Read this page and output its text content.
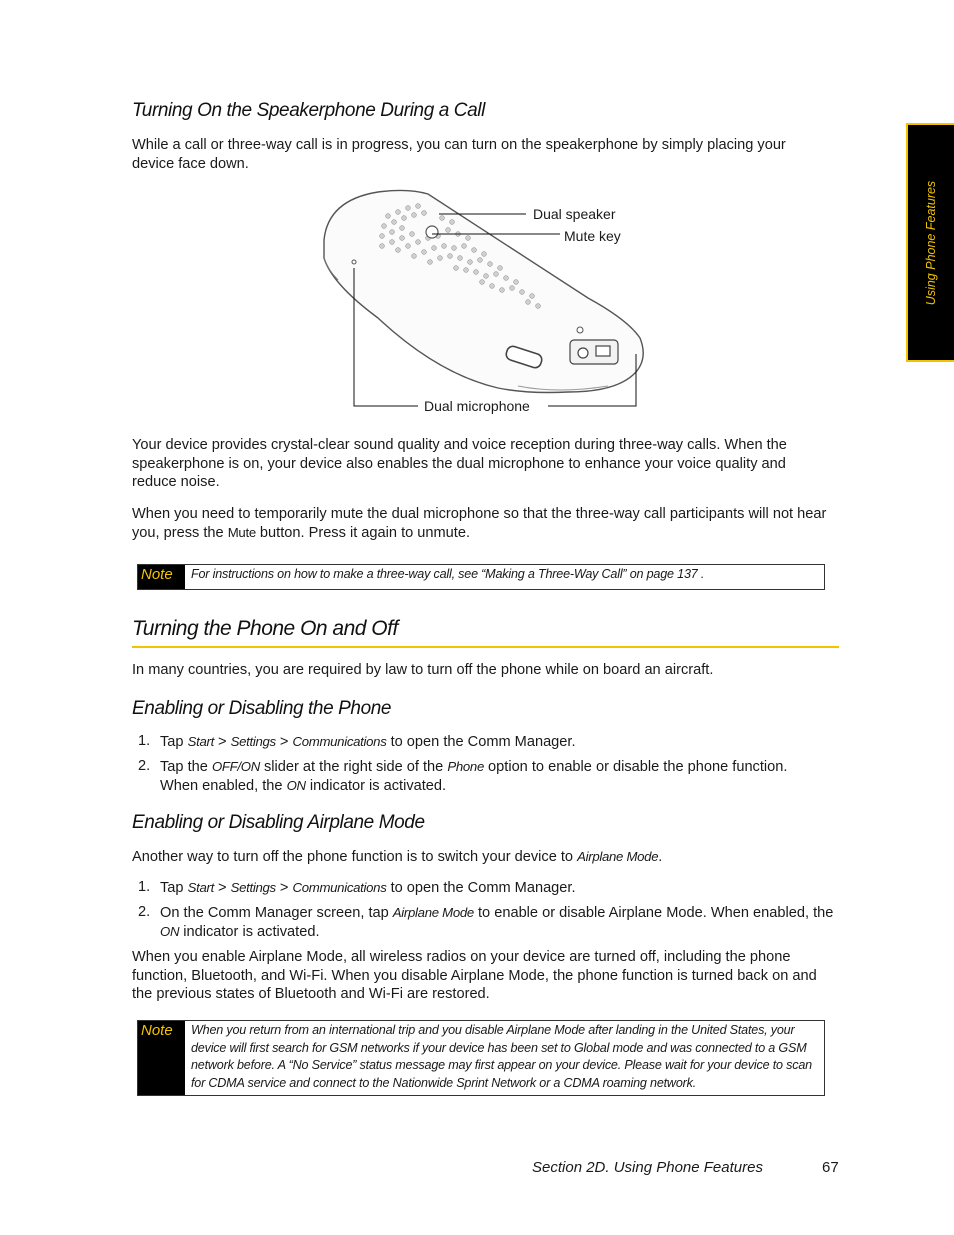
Using Phone Features
Turning On the Speakerphone During a Call
While a call or three-way call is in progress, you can turn on the speakerphone by simply placing your device face down.
Dual speaker
Mute key
Dual microphone
Your device provides crystal-clear sound quality and voice reception during three-way calls. When the speakerphone is on, your device also enables the dual microphone to enhance your voice quality and reduce noise.
When you need to temporarily mute the dual microphone so that the three-way call participants will not hear you, press the Mute button. Press it again to unmute.
Note	For instructions on how to make a three-way call, see “Making a Three-Way Call” on page 137 .
Turning the Phone On and Off
In many countries, you are required by law to turn off the phone while on board an aircraft.
Enabling or Disabling the Phone
1. Tap Start > Settings > Communications to open the Comm Manager.
2. Tap the OFF/ON slider at the right side of the Phone option to enable or disable the phone function. When enabled, the ON indicator is activated.
Enabling or Disabling Airplane Mode
Another way to turn off the phone function is to switch your device to Airplane Mode.
1. Tap Start > Settings > Communications to open the Comm Manager.
2. On the Comm Manager screen, tap Airplane Mode to enable or disable Airplane Mode. When enabled, the ON indicator is activated.
When you enable Airplane Mode, all wireless radios on your device are turned off, including the phone function, Bluetooth, and Wi-Fi. When you disable Airplane Mode, the phone function is turned back on and the previous states of Bluetooth and Wi-Fi are restored.
Note	When you return from an international trip and you disable Airplane Mode after landing in the United States, your device will first search for GSM networks if your device has been set to Global mode and was connected to a GSM network before. A “No Service” status message may first appear on your device. Please wait for your device to scan for CDMA service and connect to the Nationwide Sprint Network or a CDMA roaming network.
Section 2D. Using Phone Features	67
